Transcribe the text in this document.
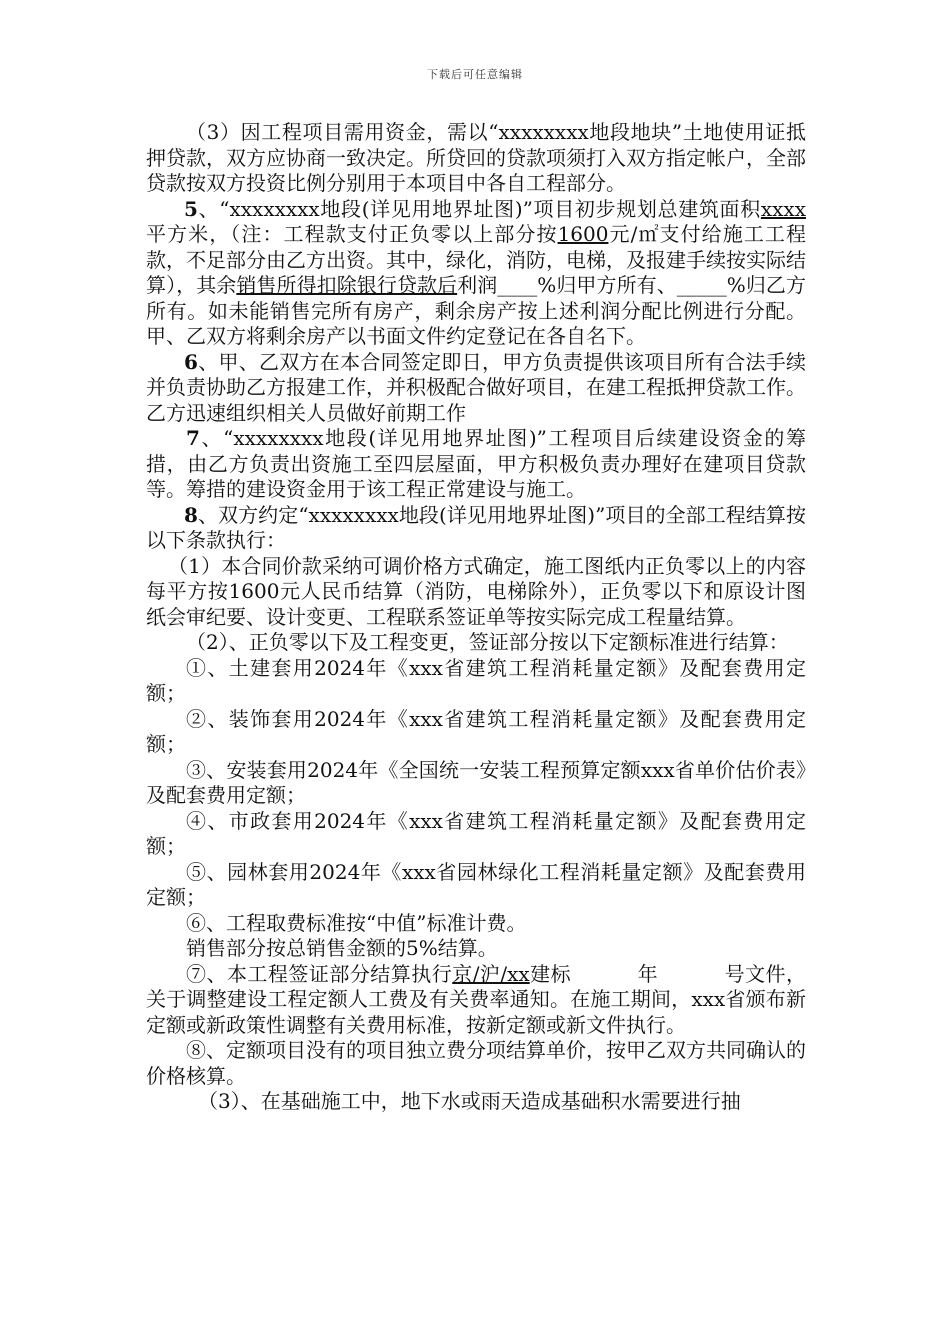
下载后可任意编辑

（3）因工程项目需用资金，需以“xxxxxxxx地段地块”土地使用证抵押贷款，双方应协商一致决定。所贷回的贷款项须打入双方指定帐户，全部贷款按双方投资比例分别用于本项目中各自工程部分。

5、“xxxxxxxx地段(详见用地界址图)”项目初步规划总建筑面积xxxx平方米，（注：工程款支付正负零以上部分按1600元/㎡支付给施工工程款，不足部分由乙方出资。其中，绿化，消防，电梯，及报建手续按实际结算），其余销售所得扣除银行贷款后利润____%归甲方所有、_____%归乙方所有。如未能销售完所有房产，剩余房产按上述利润分配比例进行分配。甲、乙双方将剩余房产以书面文件约定登记在各自名下。

6、甲、乙双方在本合同签定即日，甲方负责提供该项目所有合法手续并负责协助乙方报建工作，并积极配合做好项目，在建工程抵押贷款工作。乙方迅速组织相关人员做好前期工作

7、“xxxxxxxx地段(详见用地界址图)”工程项目后续建设资金的筹措，由乙方负责出资施工至四层屋面，甲方积极负责办理好在建项目贷款等。筹措的建设资金用于该工程正常建设与施工。

8、双方约定“xxxxxxxx地段(详见用地界址图)”项目的全部工程结算按以下条款执行：

（1）本合同价款采纳可调价格方式确定，施工图纸内正负零以上的内容每平方按1600元人民币结算（消防，电梯除外），正负零以下和原设计图纸会审纪要、设计变更、工程联系签证单等按实际完成工程量结算。

（2）、正负零以下及工程变更，签证部分按以下定额标准进行结算：

①、土建套用2024年《xxx省建筑工程消耗量定额》及配套费用定额；

②、装饰套用2024年《xxx省建筑工程消耗量定额》及配套费用定额；

③、安装套用2024年《全国统一安装工程预算定额xxx省单价估价表》及配套费用定额；

④、市政套用2024年《xxx省建筑工程消耗量定额》及配套费用定额；

⑤、园林套用2024年《xxx省园林绿化工程消耗量定额》及配套费用定额；

⑥、工程取费标准按“中值”标准计费。

销售部分按总销售金额的5%结算。

⑦、本工程签证部分结算执行京/沪/xx建标	年	号文件，关于调整建设工程定额人工费及有关费率通知。在施工期间，xxx省颁布新定额或新政策性调整有关费用标准，按新定额或新文件执行。

⑧、定额项目没有的项目独立费分项结算单价，按甲乙双方共同确认的价格核算。

（3）、在基础施工中，地下水或雨天造成基础积水需要进行抽
